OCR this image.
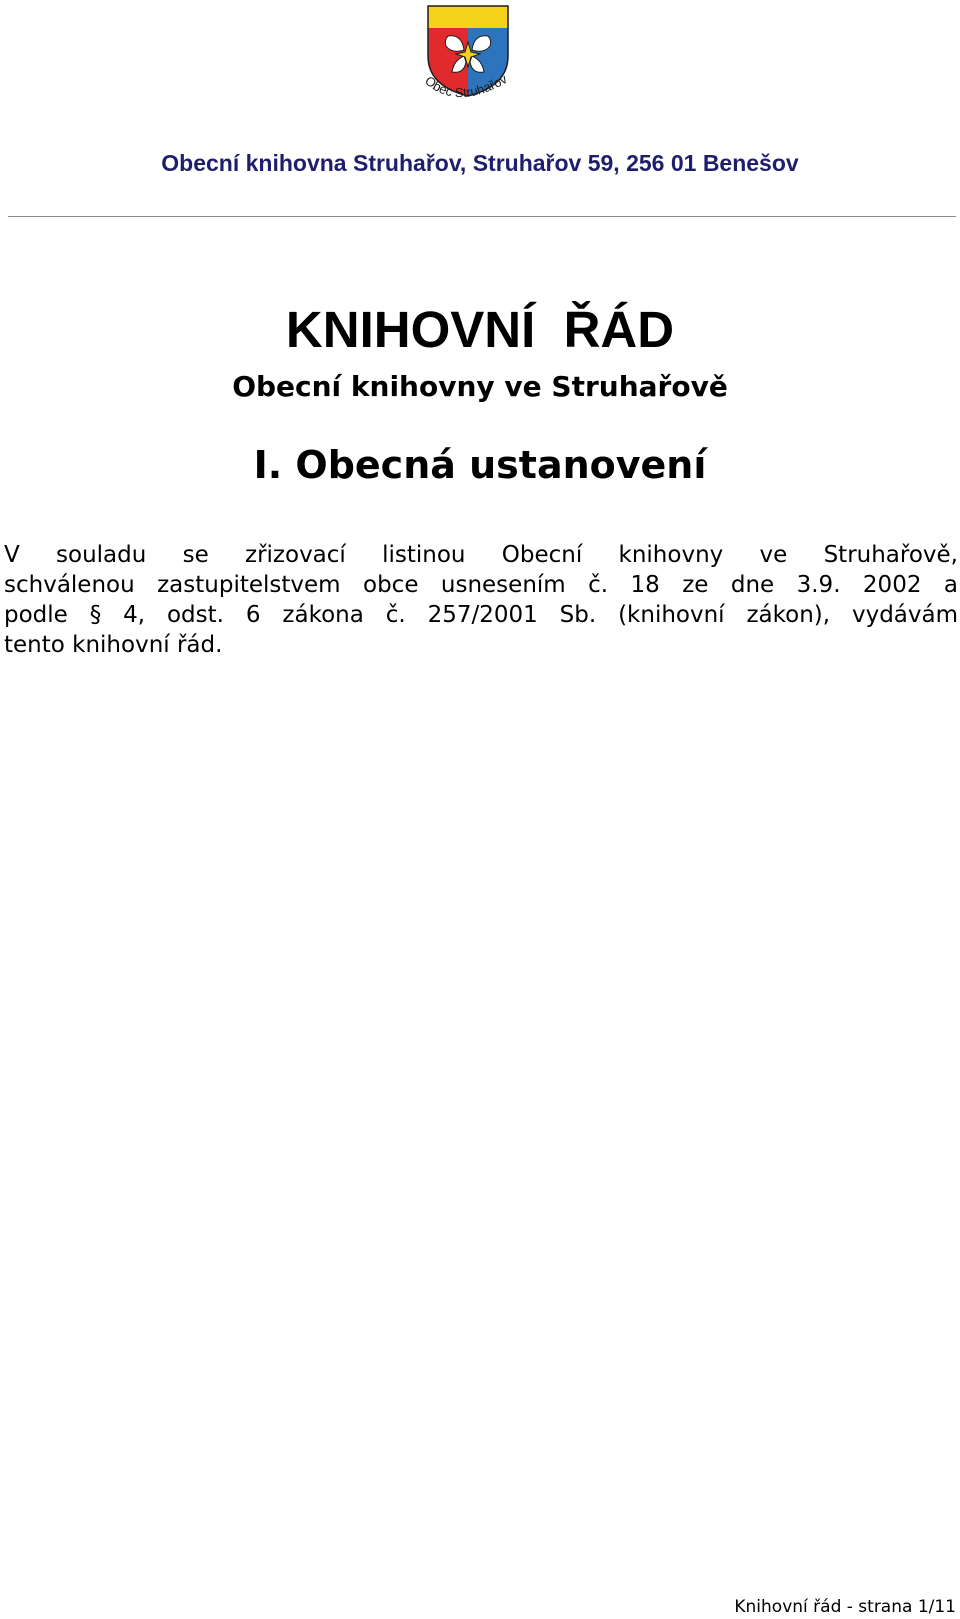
Obec Struhařov
Obecní knihovna Struhařov, Struhařov 59, 256 01 Benešov
KNIHOVNÍ  ŘÁD
Obecní knihovny ve Struhařově
I. Obecná ustanovení
V souladu se zřizovací listinou Obecní knihovny ve Struhařově,
schválenou zastupitelstvem obce usnesením č. 18 ze dne 3.9. 2002 a
podle § 4, odst. 6 zákona č. 257/2001 Sb. (knihovní zákon), vydávám
tento knihovní řád.
Knihovní řád - strana 1/11
